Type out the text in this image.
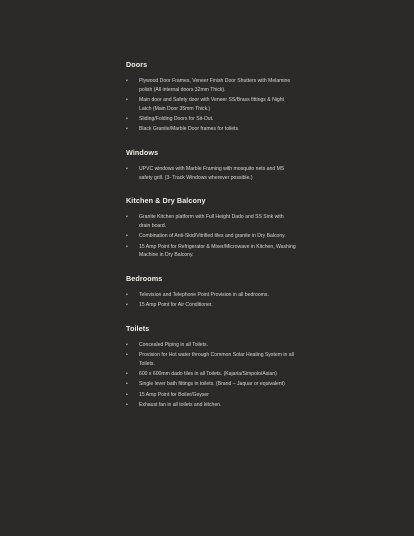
Doors
• Plywood Door Frames, Veneer Finish Door Shutters with Melamine polish (All internal doors 32mm Thick).
• Main door and Safety door with Veneer SS/Brass fittings & Night Latch (Main Door 35mm Thick.)
• Sliding/Folding Doors for Sit-Out.
• Black Granite/Marble Door frames for toilets.
Windows
• UPVC windows with Marble Framing with mosquito nets and MS safety grill. (3- Track Windows wherever possible.)
Kitchen & Dry Balcony
• Granite Kitchen platform with Full Height Dado and SS Sink with drain board.
• Combination of Anti-Skid/Vitrified tiles and granite in Dry Balcony.
• 15 Amp Point for Refrigerator & Mixer/Microwave in Kitchen, Washing Machine in Dry Balcony.
Bedrooms
• Television and Telephone Point Provision in all bedrooms.
• 15 Amp Point for Air Conditioner.
Toilets
• Concealed Piping in all Toilets.
• Provision for Hot water through Common Solar Heating System in all Toilets.
• 600 x 600mm dado tiles in all Toilets. (Kajaria/Simpolo/Asian)
• Single lever bath fittings in toilets. (Brand – Jaquar or equivalent)
• 15 Amp Point for Boiler/Geyser
• Exhaust fan in all toilets and kitchen.
